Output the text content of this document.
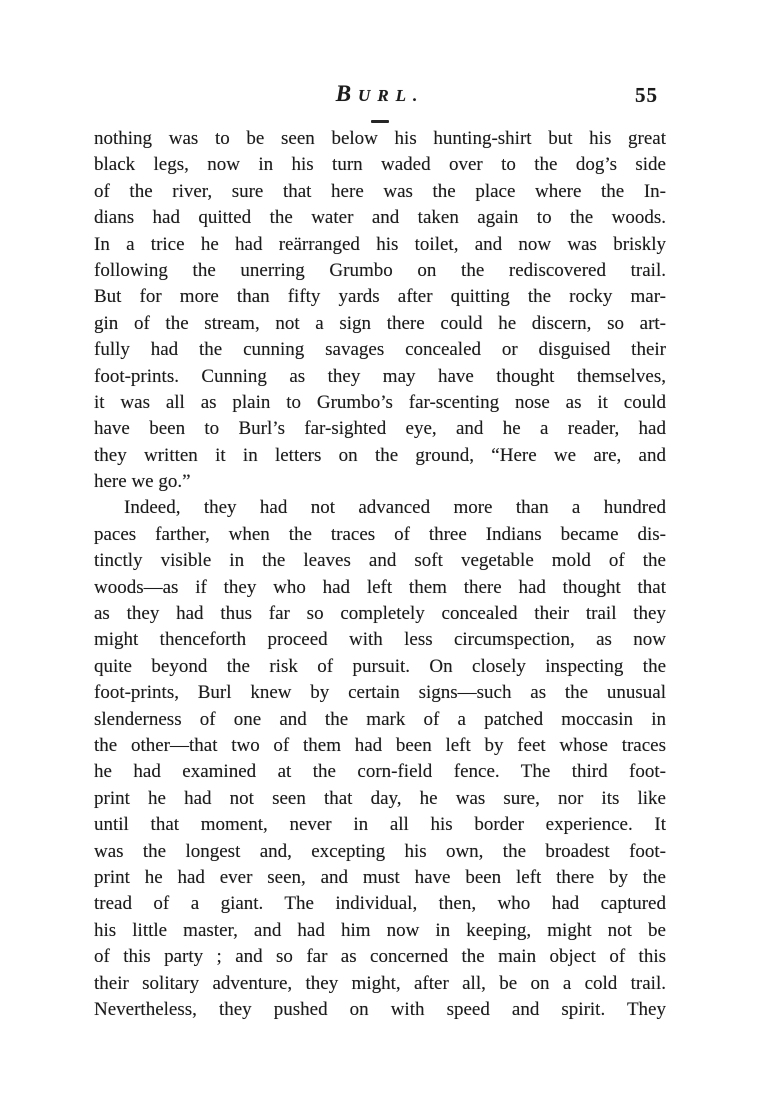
BURL.	55
nothing was to be seen below his hunting-shirt but his great
black legs, now in his turn waded over to the dog’s side
of the river, sure that here was the place where the In-
dians had quitted the water and taken again to the woods.
In a trice he had reärranged his toilet, and now was briskly
following the unerring Grumbo on the rediscovered trail.
But for more than fifty yards after quitting the rocky mar-
gin of the stream, not a sign there could he discern, so art-
fully had the cunning savages concealed or disguised their
foot-prints. Cunning as they may have thought themselves,
it was all as plain to Grumbo’s far-scenting nose as it could
have been to Burl’s far-sighted eye, and he a reader, had
they written it in letters on the ground, “Here we are, and
here we go.”
Indeed, they had not advanced more than a hundred
paces farther, when the traces of three Indians became dis-
tinctly visible in the leaves and soft vegetable mold of the
woods—as if they who had left them there had thought that
as they had thus far so completely concealed their trail they
might thenceforth proceed with less circumspection, as now
quite beyond the risk of pursuit. On closely inspecting the
foot-prints, Burl knew by certain signs—such as the unusual
slenderness of one and the mark of a patched moccasin in
the other—that two of them had been left by feet whose traces
he had examined at the corn-field fence. The third foot-
print he had not seen that day, he was sure, nor its like
until that moment, never in all his border experience. It
was the longest and, excepting his own, the broadest foot-
print he had ever seen, and must have been left there by the
tread of a giant. The individual, then, who had captured
his little master, and had him now in keeping, might not be
of this party ; and so far as concerned the main object of this
their solitary adventure, they might, after all, be on a cold trail.
Nevertheless, they pushed on with speed and spirit. They
